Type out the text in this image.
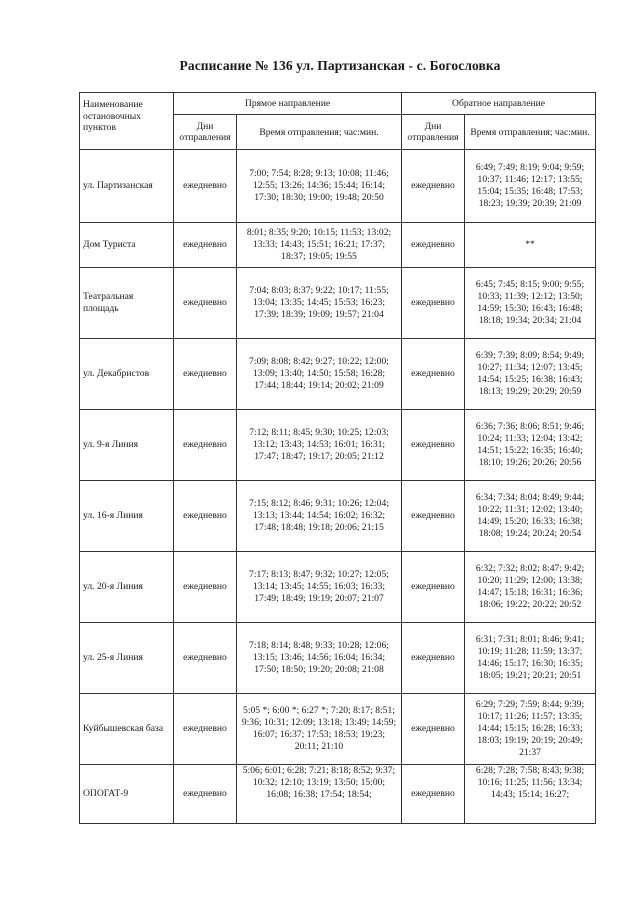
Расписание № 136 ул. Партизанская - с. Богословка
Наименование остановочных пунктов	Прямое направление		Обратное направление	
	Дни отправления	Время отправления; час:мин.	Дни отправления	Время отправления; час:мин.
ул. Партизанская	ежедневно	7:00; 7:54; 8:28; 9:13; 10:08; 11:46; 12:55; 13:26; 14:36; 15:44; 16:14; 17:30; 18:30; 19:00; 19:48; 20:50	ежедневно	6:49; 7:49; 8:19; 9:04; 9:59; 10:37; 11:46; 12:17; 13:55; 15:04; 15:35; 16:48; 17:53; 18:23; 19:39; 20:39; 21:09
Дом Туриста	ежедневно	8:01; 8:35; 9:20; 10:15; 11:53; 13:02; 13:33; 14:43; 15:51; 16:21; 17:37; 18:37; 19:05; 19:55	ежедневно	**
Театральная площадь	ежедневно	7:04; 8:03; 8:37; 9:22; 10:17; 11:55; 13:04; 13:35; 14:45; 15:53; 16:23; 17:39; 18:39; 19:09; 19:57; 21:04	ежедневно	6:45; 7:45; 8:15; 9:00; 9:55; 10:33; 11:39; 12:12; 13:50; 14:59; 15:30; 16:43; 16:48; 18:18; 19:34; 20:34; 21:04
ул. Декабристов	ежедневно	7:09; 8:08; 8:42; 9:27; 10:22; 12:00; 13:09; 13:40; 14:50; 15:58; 16:28; 17:44; 18:44; 19:14; 20:02; 21:09	ежедневно	6:39; 7:39; 8:09; 8:54; 9:49; 10:27; 11:34; 12:07; 13:45; 14:54; 15:25; 16:38; 16:43; 18:13; 19:29; 20:29; 20:59
ул. 9-я Линия	ежедневно	7:12; 8:11; 8:45; 9:30; 10:25; 12:03; 13:12; 13:43; 14:53; 16:01; 16:31; 17:47; 18:47; 19:17; 20:05; 21:12	ежедневно	6:36; 7:36; 8:06; 8:51; 9:46; 10:24; 11:33; 12:04; 13:42; 14:51; 15:22; 16:35; 16:40; 18:10; 19:26; 20:26; 20:56
ул. 16-я Линия	ежедневно	7:15; 8:12; 8:46; 9:31; 10:26; 12:04; 13:13; 13:44; 14:54; 16:02; 16:32; 17:48; 18:48; 19:18; 20:06; 21:15	ежедневно	6:34; 7:34; 8:04; 8:49; 9:44; 10:22; 11:31; 12:02; 13:40; 14:49; 15:20; 16:33; 16:38; 18:08; 19:24; 20:24; 20:54
ул. 20-я Линия	ежедневно	7:17; 8:13; 8:47; 9:32; 10:27; 12:05; 13:14; 13:45; 14:55; 16:03; 16:33; 17:49; 18:49; 19:19; 20:07; 21:07	ежедневно	6:32; 7:32; 8:02; 8:47; 9:42; 10:20; 11:29; 12:00; 13:38; 14:47; 15:18; 16:31; 16:36; 18:06; 19:22; 20:22; 20:52
ул. 25-я Линия	ежедневно	7:18; 8:14; 8:48; 9:33; 10:28; 12:06; 13:15; 13:46; 14:56; 16:04; 16:34; 17:50; 18:50; 19:20; 20:08; 21:08	ежедневно	6:31; 7:31; 8:01; 8:46; 9:41; 10:19; 11:28; 11:59; 13:37; 14:46; 15:17; 16:30; 16:35; 18:05; 19:21; 20:21; 20:51
Куйбышевская база	ежедневно	5:05 *; 6:00 *; 6:27 *; 7:20; 8:17; 8:51; 9:36; 10:31; 12:09; 13:18; 13:49; 14:59; 16:07; 16:37; 17:53; 18:53; 19:23; 20:11; 21:10	ежедневно	6:29; 7:29; 7:59; 8:44; 9:39; 10:17; 11:26; 11:57; 13:35; 14:44; 15:15; 16:28; 16:33; 18:03; 19:19; 20:19; 20:49; 21:37
ОПОГАТ-9	ежедневно	5:06; 6:01; 6:28; 7:21; 8:18; 8:52; 9:37; 10:32; 12:10; 13:19; 13:50; 15:00; 16:08; 16:38; 17:54; 18:54;	ежедневно	6:28; 7:28; 7:58; 8:43; 9:38; 10:16; 11:25; 11:56; 13:34; 14:43; 15:14; 16:27;
